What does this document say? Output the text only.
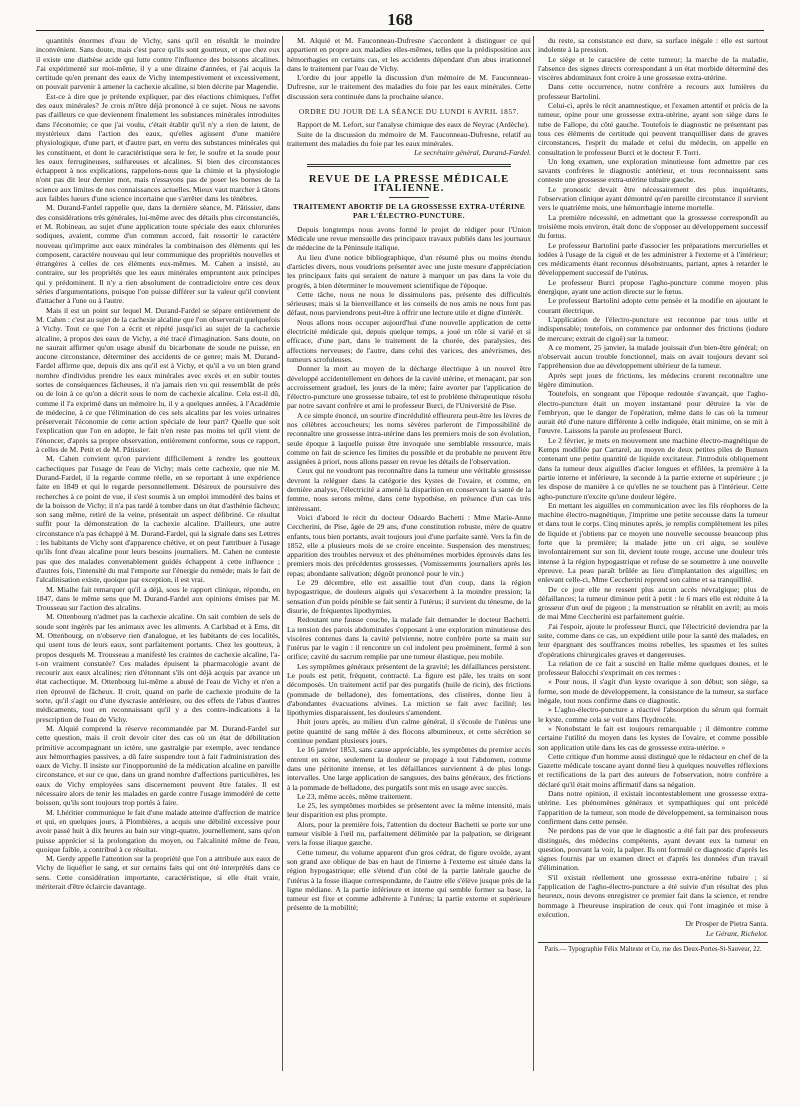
168

quantités énormes d'eau de Vichy, sans qu'il en résultât le moindre inconvénient. Sans doute, mais c'est parce qu'ils sont goutteux, et que chez eux il existe une diathèse acide qui lutte contre l'influence des boissons alcalines. J'ai expérimenté sur moi-même, il y a une dizaine d'années, et j'ai acquis la certitude qu'en prenant des eaux de Vichy intempestivement et excessivement, on pouvait parvenir à amener la cachexie alcaline, si bien décrite par Magendie.

Est-ce à dire que je prétende expliquer, par des réactions chimiques, l'effet des eaux minérales? Je crois m'être déjà prononcé à ce sujet. Nous ne savons pas d'ailleurs ce que deviennent finalement les substances minérales introduites dans l'économie; ce que j'ai voulu, c'était établir qu'il n'y a rien de latent, de mystérieux dans l'action des eaux, qu'elles agissent d'une manière physiologique, d'une part, et d'autre part, en vertu des substances minérales qui les constituent, et dont le caractéristique sera le fer, le soufre et la soude pour les eaux ferrugineuses, sulfureuses et alcalines. Si bien des circonstances échappent à nos explications, rappelons-nous que la chimie et la physiologie n'ont pas dit leur dernier mot, mais n'essayons pas de poser les bornes de la science aux limites de nos connaissances actuelles. Mieux vaut marcher à tâtons aux faibles lueurs d'une science incertaine que s'arrêter dans les ténèbres.

M. Durand-Fardel rappelle que, dans la dernière séance, M. Pâtissier, dans des considérations très générales, lui-même avec des détails plus circonstanciés, et M. Robineau, au sujet d'une application toute spéciale des eaux chlorurées sodiques, avaient, comme d'un commun accord, fait ressortir le caractère nouveau qu'imprime aux eaux minérales la combinaison des éléments qui les composent, caractère nouveau qui leur communique des propriétés nouvelles et étrangères à celles de ces éléments eux-mêmes. M. Cahen a insisté, au contraire, sur les propriétés que les eaux minérales empruntent aux principes qui y prédominent. Il n'y a rien absolument de contradictoire entre ces deux séries d'argumentations, puisque l'on puisse différer sur la valeur qu'il convient d'attacher à l'une ou à l'autre.

Mais il est un point sur lequel M. Durand-Fardel se sépare entièrement de M. Cahen : c'est au sujet de la cachexie alcaline que l'on observerait quelquefois à Vichy. Tout ce que l'on a écrit et répété jusqu'ici au sujet de la cachexie alcaline, à propos des eaux de Vichy, a été tracé d'imagination. Sans doute, on ne saurait affirmer qu'un usage abusif du bicarbonate de soude ne puisse, en aucune circonstance, déterminer des accidents de ce genre; mais M. Durand-Fardel affirme que, depuis dix ans qu'il est à Vichy, et qu'il a vu un bien grand nombre d'individus prendre les eaux minérales avec excès et en subir toutes sortes de conséquences fâcheuses, il n'a jamais rien vu qui ressemblât de près ou de loin à ce qu'on a décrit sous le nom de cachexie alcaline. Cela est-il dû, comme il l'a exprimé dans un mémoire lu, il y a quelques années, à l'Académie de médecine, à ce que l'élimination de ces sels alcalins par les voies urinaires préserverait l'économie de cette action spéciale de leur part? Quelle que soit l'explication que l'on en adopte, le fait n'en reste pas moins tel qu'il vient de l'énoncer, d'après sa propre observation, entièrement conforme, sous ce rapport, à celles de M. Petit et de M. Pâtissier.

M. Cahen convient qu'on parvient difficilement à rendre les goutteux cachectiques par l'usage de l'eau de Vichy; mais cette cachexie, que nie M. Durand-Fardel, il la regarde comme réelle, en se reportant à une expérience faite en 1849 et qui le regarde personnellement. Désireux de poursuivre des recherches à ce point de vue, il s'est soumis à un emploi immodéré des bains et de la boisson de Vichy; il n'a pas tardé à tomber dans un état d'asthénie fâcheux; son sang même, retiré de la veine, présentait un aspect défibriné. Ce résultat suffit pour la démonstration de la cachexie alcaline. D'ailleurs, une autre circonstance n'a pas échappé à M. Durand-Fardel, qui la signale dans ses Lettres : les habitants de Vichy sont d'apparence chétive, et on peut l'attribuer à l'usage qu'ils font d'eau alcaline pour leurs besoins journaliers. M. Cahen ne conteste pas que des malades convenablement guidés échappent à cette influence ; d'autres fois, l'intensité du mal l'emporte sur l'énergie du remède; mais le fait de l'alcalinisation existe, quoique par exception, il est vrai.

M. Mialhe fait remarquer qu'il a déjà, sous le rapport clinique, répondu, en 1847, dans le même sens que M. Durand-Fardel aux opinions émises par M. Trousseau sur l'action des alcalins.

M. Ottenbourg n'admet pas la cachexie alcaline. On sait combien de sels de soude sont ingérés par les animaux avec les aliments. A Carlsbad et à Ems, dit M. Ottenbourg, on n'observe rien d'analogue, et les habitants de ces localités, qui usent tous de leurs eaux, sont parfaitement portants. Chez les goutteux, à propos desquels M. Trousseau a manifesté les craintes de cachexie alcaline, l'a-t-on vraiment constatée? Ces malades épuisent la pharmacologie avant de recourir aux eaux alcalines; rien d'étonnant s'ils ont déjà acquis par avance un état cachectique. M. Ottenbourg lui-même a abusé de l'eau de Vichy et n'en a rien éprouvé de fâcheux. Il croit, quand on parle de cachexie produite de la sorte, qu'il s'agit ou d'une dyscrasie antérieure, ou des effets de l'abus d'autres médicaments, tout en reconnaissant qu'il y a des contre-indications à la prescription de l'eau de Vichy.

M. Alquié comprend la réserve recommandée par M. Durand-Fardel sur cette question, mais il croit devoir citer des cas où un état de débilitation primitive accompagnant un ictère, une gastralgie par exemple, avec tendance aux hémorrhagies passives, a dû faire suspendre tout à fait l'administration des eaux de Vichy. Il insiste sur l'inopportunité de la médication alcaline en pareille circonstance, et sur ce que, dans un grand nombre d'affections particulières, les eaux de Vichy employées sans discernement peuvent être fatales. Il est nécessaire alors de tenir les malades en garde contre l'usage immodéré de cette boisson, qu'ils sont toujours trop portés à faire.

M. Lhéritier communique le fait d'une malade atteinte d'affection de matrice et qui, en quelques jours, à Plombières, a acquis une débilité excessive pour avoir passé huit à dix heures au bain sur vingt-quatre, journellement, sans qu'on puisse apprécier si la prolongation du moyen, ou l'alcalinité même de l'eau, quoique faible, a contribué à ce résultat.

M. Gerdy appelle l'attention sur la propriété que l'on a attribuée aux eaux de Vichy de liquéfier le sang, et sur certains faits qui ont été interprétés dans ce sens. Cette considération importante, caractéristique, si elle était vraie, mériterait d'être éclaircie davantage.

M. Alquié et M. Fauconneau-Dufresne s'accordent à distinguer ce qui appartient en propre aux maladies elles-mêmes, telles que la prédisposition aux hémorrhagies en certains cas, et les accidents dépendant d'un abus irrationnel dans le traitement par l'eau de Vichy.

L'ordre du jour appelle la discussion d'un mémoire de M. Fauconneau-Dufresne, sur le traitement des maladies du foie par les eaux minérales. Cette discussion sera continuée dans la prochaine séance.

ORDRE DU JOUR DE LA SÉANCE DU LUNDI 6 AVRIL 1857.

Rapport de M. Lefort, sur l'analyse chimique des eaux de Neyrac (Ardèche).

Suite de la discussion du mémoire de M. Fauconneau-Dufresne, relatif au traitement des maladies du foie par les eaux minérales.

Le secrétaire général, Durand-Fardel.

REVUE DE LA PRESSE MÉDICALE ITALIENNE.

TRAITEMENT ABORTIF DE LA GROSSESSE EXTRA-UTÉRINE PAR L'ÉLECTRO-PUNCTURE.

Depuis longtemps nous avons formé le projet de rédiger pour l'Union Médicale une revue mensuelle des principaux travaux publiés dans les journaux de médecine de la Péninsule italique.

Au lieu d'une notice bibliographique, d'un résumé plus ou moins étendu d'articles divers, nous voudrions présenter avec une juste mesure d'appréciation les principaux faits qui seraient de nature à marquer un pas dans la voie du progrès, à bien déterminer le mouvement scientifique de l'époque.

Cette tâche, nous ne nous le dissimulons pas, présente des difficultés sérieuses; mais si la bienveillance et les conseils de nos amis ne nous font pas défaut, nous parviendrons peut-être à offrir une lecture utile et digne d'intérêt.

Nous allons nous occuper aujourd'hui d'une nouvelle application de cette électricité médicale qui, depuis quelque temps, a joué un rôle si varié et si efficace, d'une part, dans le traitement de la chorée, des paralysies, des affections nerveuses; de l'autre, dans celui des varices, des anévrismes, des tumeurs scrofuleuses.

Donner la mort au moyen de la décharge électrique à un nouvel être développé accidentellement en dehors de la cavité utérine, et menaçant, par son accroissement graduel, les jours de la mère; faire avorter par l'application de l'électro-puncture une grossesse tubaire, tel est le problème thérapeutique résolu par notre savant confrère et ami le professeur Burci, de l'Université de Pise.

A ce simple énoncé, un sourire d'incrédulité effleurera peut-être les lèvres de nos célèbres accoucheurs; les noms sévères parleront de l'impossibilité de reconnaître une grossesse intra-utérine dans les premiers mois de son évolution, seule époque à laquelle puisse être invoquée une semblable ressource, mais comme on fait de science les limites du possible et du probable ne peuvent être assignées à priori, nous allons passer en revue les détails de l'observation.

Ceux qui ne voudront pas reconnaître dans la tumeur une véritable grossesse devront la reléguer dans la catégorie des kystes de l'ovaire, et comme, en dernière analyse, l'électricité a amené la disparition en conservant la santé de la femme, nous serons même, dans cette hypothèse, en présence d'un cas très intéressant.

Voici d'abord le récit du docteur Odoardo Bachetti : Mme Marie-Anne Ceccherini, de Pise, âgée de 29 ans, d'une constitution robuste, mère de quatre enfants, tous bien portants, avait toujours joui d'une parfaite santé. Vers la fin de 1852, elle a plusieurs mois de se croire enceinte. Suspension des menstrues; apparition des troubles nerveux et des phénomènes morbides éprouvés dans les premiers mois des précédentes grossesses. (Vomissements journaliers après les repas; abondante salivation; dégoût prononcé pour le vin.)

Le 29 décembre, elle est assaillie tout d'un coup, dans la région hypogastrique, de douleurs aiguës qui s'exacerbent à la moindre pression; la sensation d'un poids pénible se fait sentir à l'utérus; il survient du ténesme, de la disurie, de fréquentes lipothymies.

Redoutant une fausse couche, la malade fait demander le docteur Bachetti. La tension des parois abdominales s'opposant à une exploration minutieuse des viscères contenus dans la cavité pelvienne, notre confrère porte sa main sur l'utérus par le vagin : il rencontre un col indolent peu proéminent, fermé à son orifice; cavité du sacrum remplie par une tumeur élastique, peu mobile.

Les symptômes généraux présentent de la gravité; les défaillances persistent. Le pouls est petit, fréquent, contracté. La figure est pâle, les traits en sont décomposés. Un traitement actif par des purgatifs (huile de ricin), des frictions (pommade de belladone), des fomentations, des clistères, donne lieu à d'abondantes évacuations alvines. La miction se fait avec facilité; les lipothymies disparaissent, les douleurs s'amendent.

Huit jours après, au milieu d'un calme général, il s'écoule de l'utérus une petite quantité de sang mêlée à des flocons albumineux, et cette sécrétion se continue pendant plusieurs jours.

Le 16 janvier 1853, sans cause appréciable, les symptômes du premier accès entrent en scène, seulement la douleur se propage à tout l'abdomen, comme dans une péritonite intense, et les défaillances surviennent à de plus longs intervalles. Une large application de sangsues, des bains généraux, des frictions à la pommade de belladone, des purgatifs sont mis en usage avec succès.

Le 23, même accès, même traitement.

Le 25, les symptômes morbides se présentent avec la même intensité, mais leur disparition est plus prompte.

Alors, pour la première fois, l'attention du docteur Bachetti se porte sur une tumeur visible à l'œil nu, parfaitement délimitée par la palpation, se dirigeant vers la fosse iliaque gauche.

Cette tumeur, du volume apparent d'un gros cédrat, de figure ovoïde, ayant son grand axe oblique de bas en haut de l'interne à l'externe est située dans la région hypogastrique; elle s'étend d'un côté de la partie latérale gauche de l'utérus à la fosse iliaque correspondante, de l'autre elle s'élève jusque près de la ligne médiane. A la partie inférieure et interne qui semble former sa base, la tumeur est fixe et comme adhérente à l'utérus; la partie externe et supérieure présente de la mobilité;

du reste, sa consistance est dure, sa surface inégale : elle est surtout indolente à la pression.

Le siège et le caractère de cette tumeur; la marche de la maladie, l'absence des signes directs correspondant à un état morbide déterminé des viscères abdominaux font croire à une grossesse extra-utérine.

Dans cette occurrence, notre confrère a recours aux lumières du professeur Bartolini.

Celui-ci, après le récit anamnestique, et l'examen attentif et précis de la tumeur, opine pour une grossesse extra-utérine, ayant son siège dans le tube de Fallope, du côté gauche. Toutefois le diagnostic ne présentant pas tous ces éléments de certitude qui peuvent tranquilliser dans de graves circonstances, l'esprit du malade et celui du médecin, on appelle en consultation le professeur Burci et le docteur F. Torri.

Un long examen, une exploration minutieuse font admettre par ces savants confrères le diagnostic antérieur, et tous reconnaissent sans conteste une grossesse extra-utérine tubaire gauche.

Le pronostic devait être nécessairement des plus inquiétants, l'observation clinique ayant démontré qu'en pareille circonstance il survient vers le quatrième mois, une hémorrhagie interne mortelle.

La première nécessité, en admettant que la grossesse correspondît au troisième mois environ, était donc de s'opposer au développement successif du fœtus.

Le professeur Bartolini parle d'associer les préparations mercurielles et iodées à l'usage de la ciguë et de les administrer à l'externe et à l'intérieur; ces médicaments étant reconnus désobstruants, partant, aptes à retarder le développement successif de l'utérus.

Le professeur Burci propose l'agho-puncture comme moyen plus énergique, ayant une action directe sur le fœtus.

Le professeur Bartolini adopte cette pensée et la modifie en ajoutant le courant électrique.

L'application de l'électro-puncture est reconnue par tous utile et indispensable; toutefois, on commence par ordonner des frictions (iodure de mercure; extrait de ciguë) sur la tumeur.

A ce moment, 25 janvier, la malade jouissait d'un bien-être général; on n'observait aucun trouble fonctionnel, mais on avait toujours devant soi l'appréhension due au développement ultérieur de la tumeur.

Après sept jours de frictions, les médecins crurent reconnaître une légère diminution.

Toutefois, en songeant que l'époque redoutée s'avançait, que l'agho-électro-puncture était un moyen instantané pour détruire la vie de l'embryon, que le danger de l'opération, même dans le cas où la tumeur aurait été d'une nature différente à celle indiquée, était minime, on se mit à l'œuvre. Laissons la parole au professeur Burci.

Le 2 février, je mets en mouvement une machine électro-magnétique de Kemps modifiée par Carrarel, au moyen de deux petites piles de Bunsen contenant une petite quantité de liquide excitateur. J'introduis obliquement dans la tumeur deux aiguilles d'acier longues et effilées, la première à la partie interne et inférieure, la seconde à la partie externe et supérieure ; je les dispose de manière à ce qu'elles ne se touchent pas à l'intérieur. Cette agho-puncture n'excite qu'une douleur légère.

En mettant les aiguilles en communication avec les fils réophores de la machine électro-magnétique, j'imprime une petite secousse dans la tumeur et dans tout le corps. Cinq minutes après, je remplis complètement les piles de liquide et j'obtiens par ce moyen une nouvelle secousse beaucoup plus forte que la première; la malade jette un cri aigu, se soulève involontairement sur son lit, devient toute rouge, accuse une douleur très intense à la région hypogastrique et refuse de se soumettre à une nouvelle épreuve. La peau paraît brûlée au lieu d'implantation des aiguilles; en enlevant celle-ci, Mme Ceccherini reprend son calme et sa tranquillité.

De ce jour elle ne ressent plus aucun accès névralgique; plus de défaillances; la tumeur diminue petit à petit : le 6 mars elle est réduite à la grosseur d'un œuf de pigeon ; la menstruation se rétablit en avril; au mois de mai Mme Ceccherini est parfaitement guérie.

J'ai l'espoir, ajoute le professeur Burci, que l'électricité deviendra par la suite, comme dans ce cas, un expédient utile pour la santé des malades, en leur épargnant des souffrances moins rebelles, les spasmes et les suites d'opérations chirurgicales graves et dangereuses.

La relation de ce fait a suscité en Italie même quelques doutes, et le professeur Balocchi s'exprimait en ces termes :

« Pour nous, il s'agit d'un kyste ovarique à son début; son siège, sa forme, son mode de développement, la consistance de la tumeur, sa surface inégale, tout nous confirme dans ce diagnostic.

» L'agho-électro-puncture a réactivé l'absorption du sérum qui formait le kyste, comme cela se voit dans l'hydrocèle.

» Nonobstant le fait est toujours remarquable ; il démontre comme certaine l'utilité du moyen dans les kystes de l'ovaire, et comme possible son application utile dans les cas de grossesse extra-utérine. »

Cette critique d'un homme aussi distingué que le rédacteur en chef de la Gazette médicale toscane ayant donné lieu à quelques nouvelles réflexions et rectifications de la part des auteurs de l'observation, notre confrère a déclaré qu'il était moins affirmatif dans sa négation.

Dans notre opinion, il existait incontestablement une grossesse extra-utérine. Les phénomènes généraux et sympathiques qui ont précédé l'apparition de la tumeur, son mode de développement, sa terminaison nous confirment dans cette pensée.

Ne perdons pas de vue que le diagnostic a été fait par des professeurs distingués, des médecins compétents, ayant devant eux la tumeur en question, pouvant la voir, la palper. Ils ont formulé ce diagnostic d'après les signes fournis par un examen direct et d'après les données d'un travail d'élimination.

S'il existait réellement une grossesse extra-utérine tubaire ; si l'application de l'agho-électro-puncture a été suivie d'un résultat des plus heureux, nous devons enregistrer ce premier fait dans la science, et rendre hommage à l'heureuse inspiration de ceux qui l'ont imaginée et mise à exécution.

Dr Prosper de Pietra Santa.

Le Gérant, Richelot.

Paris.— Typographie Félix Malteste et Ce, rue des Deux-Portes-St-Sauveur, 22.
